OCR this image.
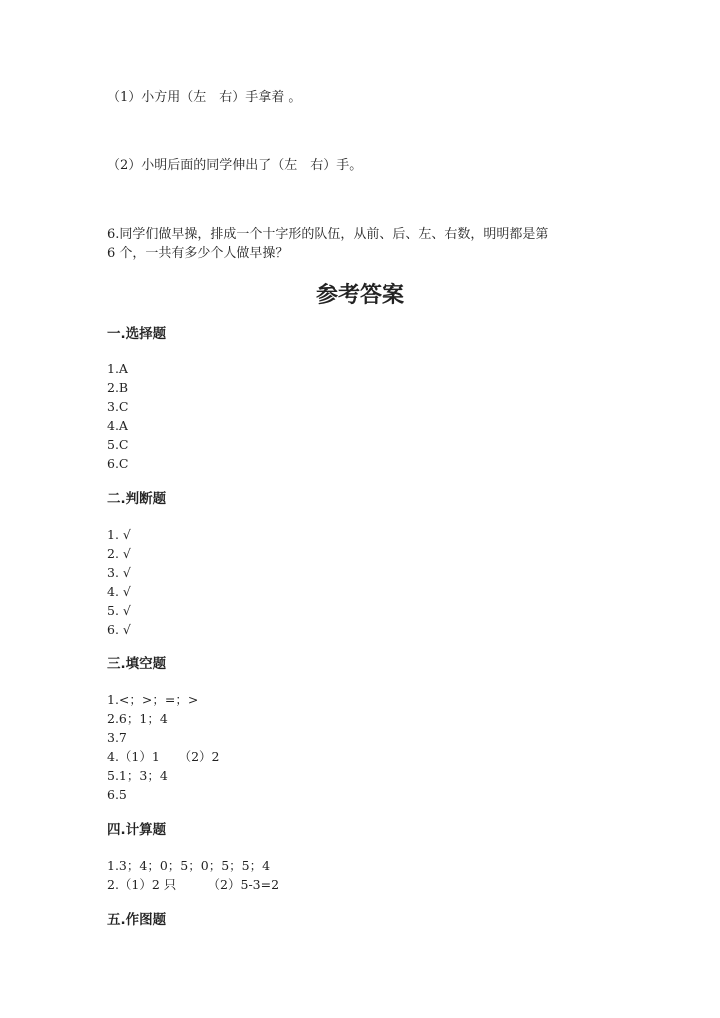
（1）小方用（左　右）手拿着 。

（2）小明后面的同学伸出了（左　右）手。

6.同学们做早操，排成一个十字形的队伍，从前、后、左、右数，明明都是第

6 个，一共有多少个人做早操？

参考答案
一.选择题
1.A
2.B
3.C
4.A
5.C
6.C
二.判断题
1. √
2. √
3. √
4. √
5. √
6. √
三.填空题
1.<；>；=；>
2.6；1；4
3.7
4.（1）1　　（2）2
5.1；3；4
6.5
四.计算题
1.3；4；0；5；0；5；5；4
2.（1）2 只　　　（2）5-3=2
五.作图题
